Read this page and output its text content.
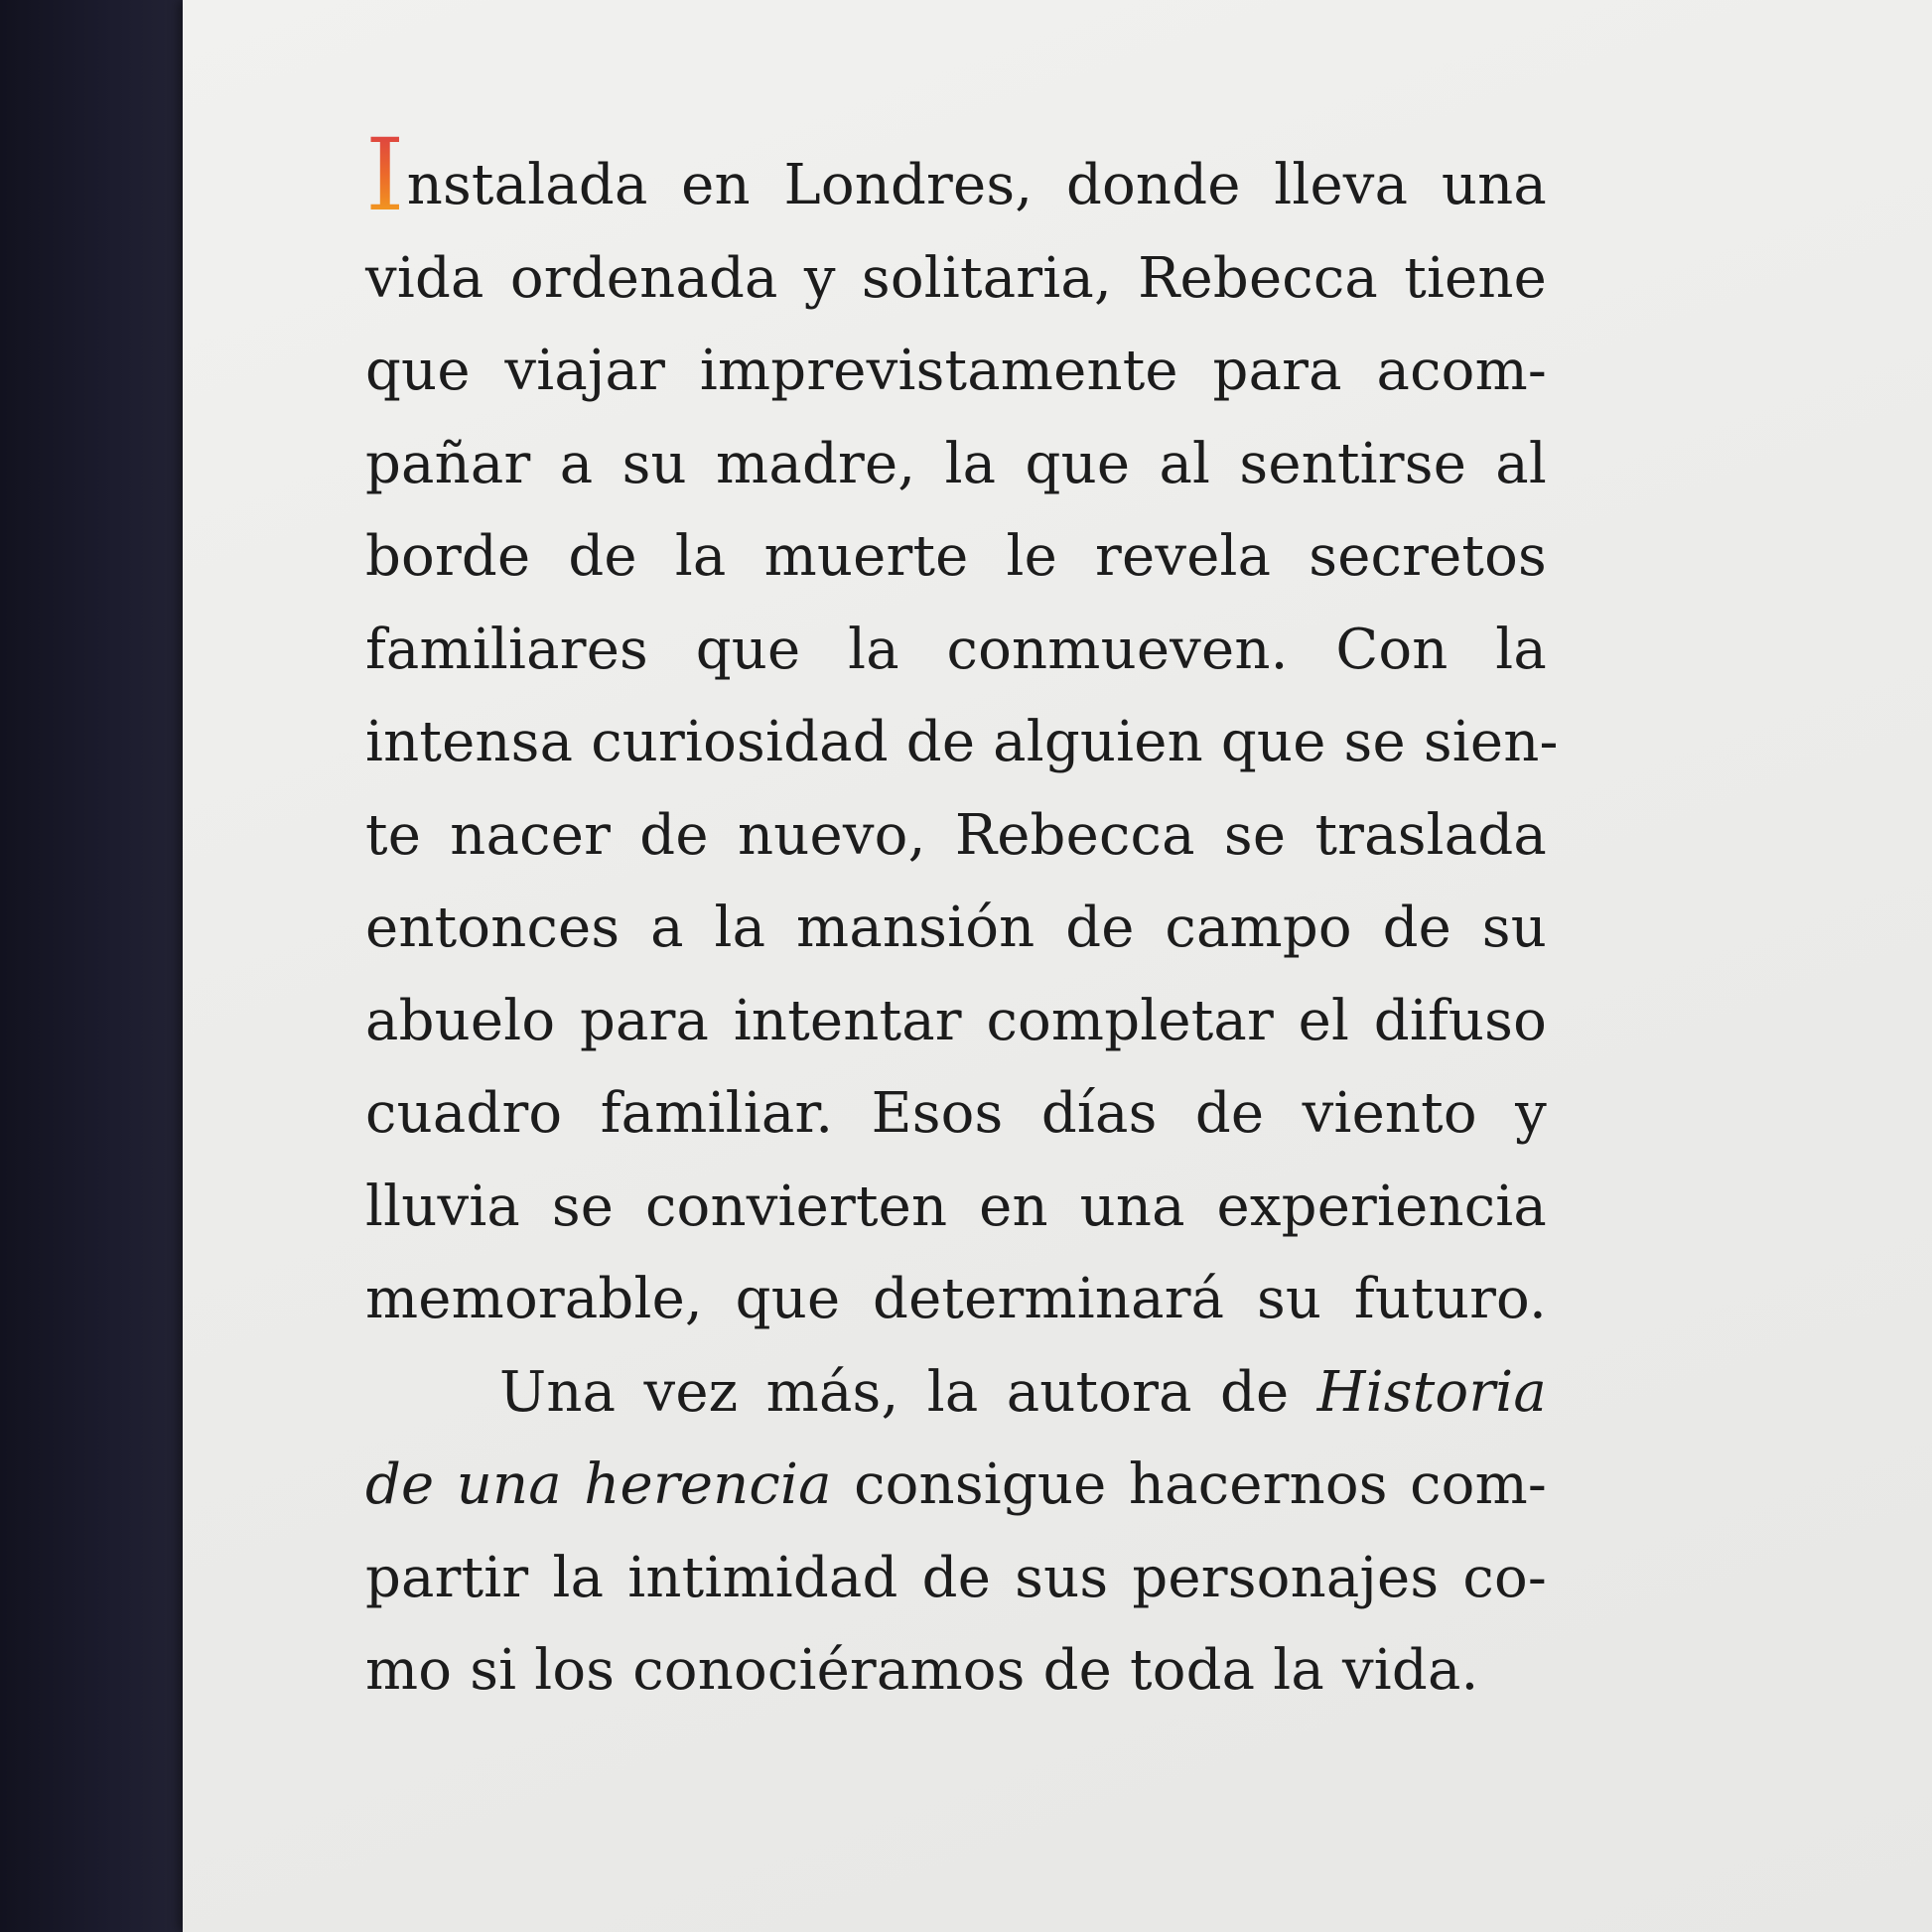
Instalada en Londres, donde lleva una
vida ordenada y solitaria, Rebecca tiene
que viajar imprevistamente para acom-
pañar a su madre, la que al sentirse al
borde de la muerte le revela secretos
familiares que la conmueven. Con la
intensa curiosidad de alguien que se sien-
te nacer de nuevo, Rebecca se traslada
entonces a la mansión de campo de su
abuelo para intentar completar el difuso
cuadro familiar. Esos días de viento y
lluvia se convierten en una experiencia
memorable, que determinará su futuro.
Una vez más, la autora de Historia
de una herencia consigue hacernos com-
partir la intimidad de sus personajes co-
mo si los conociéramos de toda la vida.
